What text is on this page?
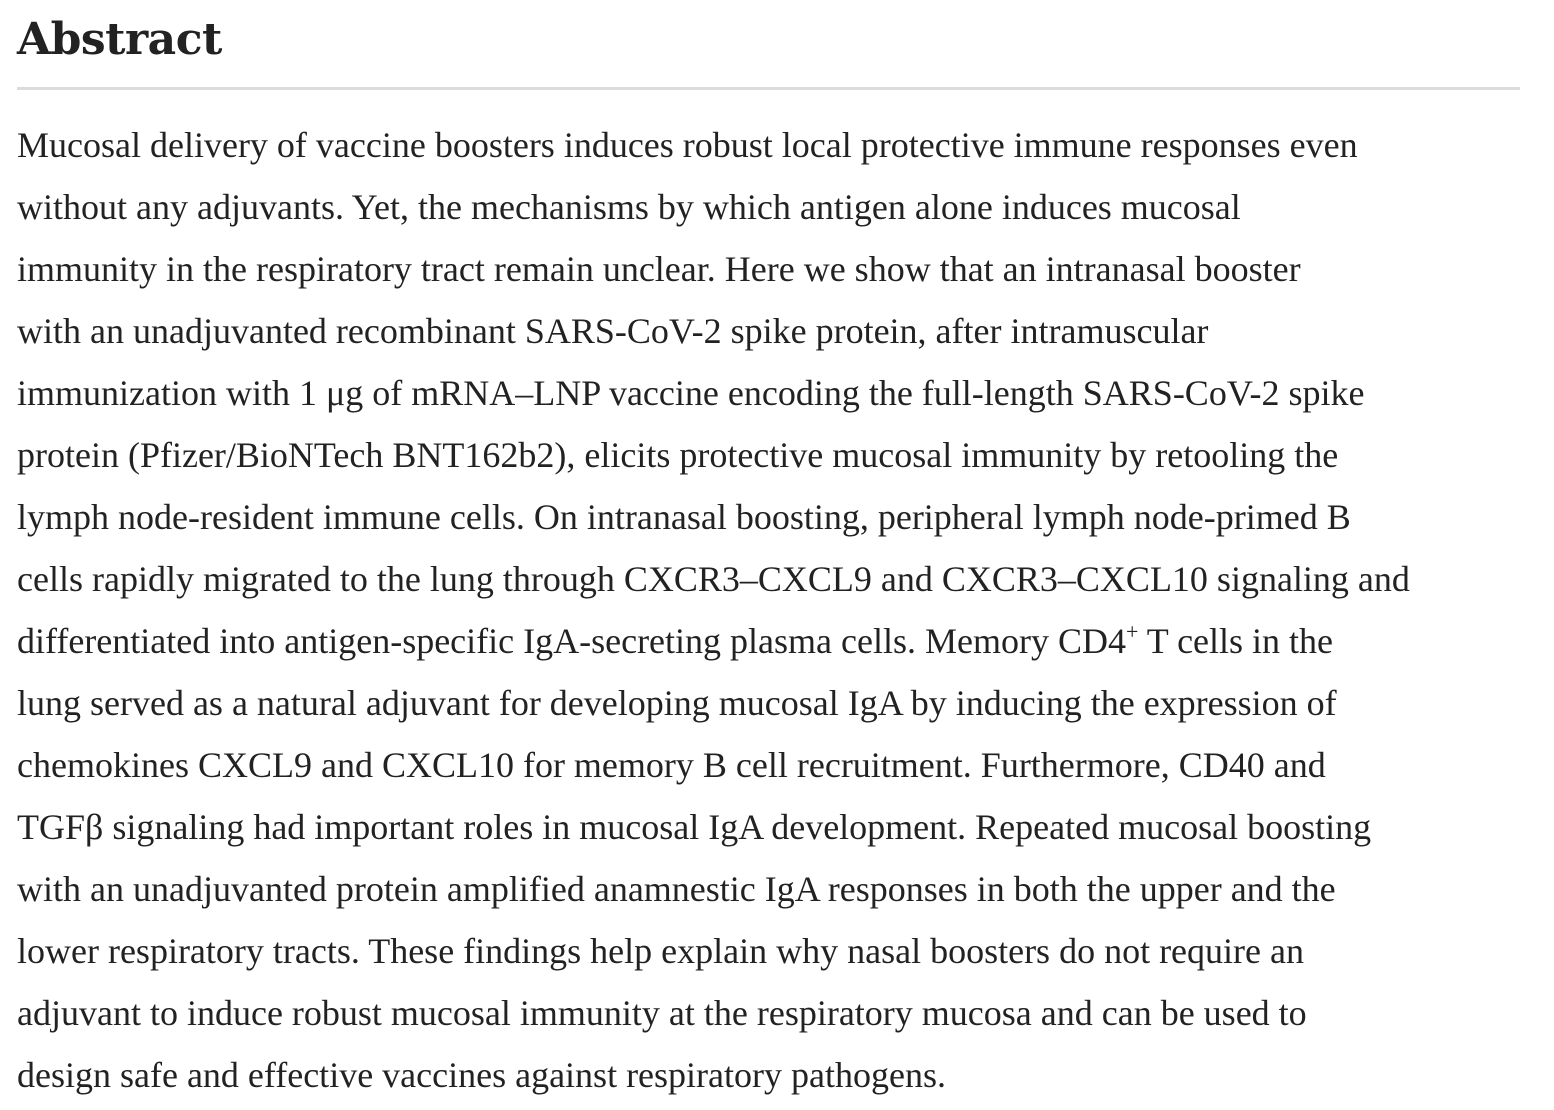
Abstract

Mucosal delivery of vaccine boosters induces robust local protective immune responses even
without any adjuvants. Yet, the mechanisms by which antigen alone induces mucosal
immunity in the respiratory tract remain unclear. Here we show that an intranasal booster
with an unadjuvanted recombinant SARS-CoV-2 spike protein, after intramuscular
immunization with 1 μg of mRNA–LNP vaccine encoding the full-length SARS-CoV-2 spike
protein (Pfizer/BioNTech BNT162b2), elicits protective mucosal immunity by retooling the
lymph node-resident immune cells. On intranasal boosting, peripheral lymph node-primed B
cells rapidly migrated to the lung through CXCR3–CXCL9 and CXCR3–CXCL10 signaling and
differentiated into antigen-specific IgA-secreting plasma cells. Memory CD4+ T cells in the
lung served as a natural adjuvant for developing mucosal IgA by inducing the expression of
chemokines CXCL9 and CXCL10 for memory B cell recruitment. Furthermore, CD40 and
TGFβ signaling had important roles in mucosal IgA development. Repeated mucosal boosting
with an unadjuvanted protein amplified anamnestic IgA responses in both the upper and the
lower respiratory tracts. These findings help explain why nasal boosters do not require an
adjuvant to induce robust mucosal immunity at the respiratory mucosa and can be used to
design safe and effective vaccines against respiratory pathogens.
